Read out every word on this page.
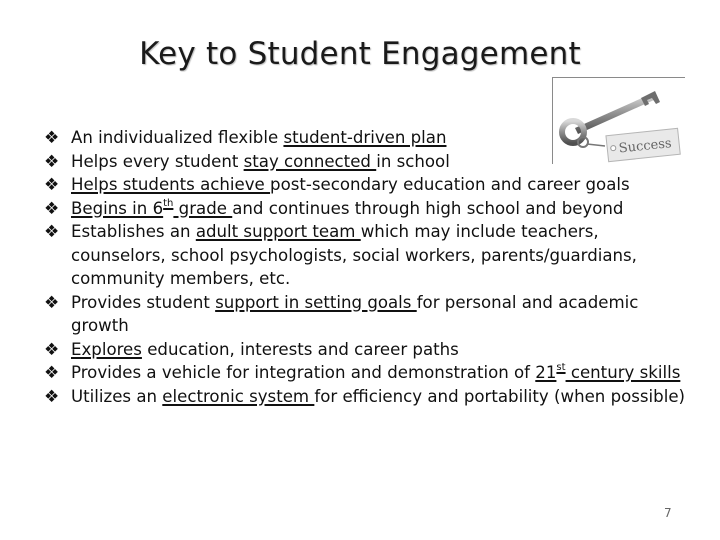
Key to Student Engagement
Success
❖ An individualized flexible student-driven plan
❖ Helps every student stay connected in school
❖ Helps students achieve post-secondary education and career goals
❖ Begins in 6th grade and continues through high school and beyond
❖ Establishes an adult support team which may include teachers, counselors, school psychologists, social workers, parents/guardians, community members, etc.
❖ Provides student support in setting goals for personal and academic growth
❖ Explores education, interests and career paths
❖ Provides a vehicle for integration and demonstration of 21st century skills
❖ Utilizes an electronic system for efficiency and portability (when possible)
7
